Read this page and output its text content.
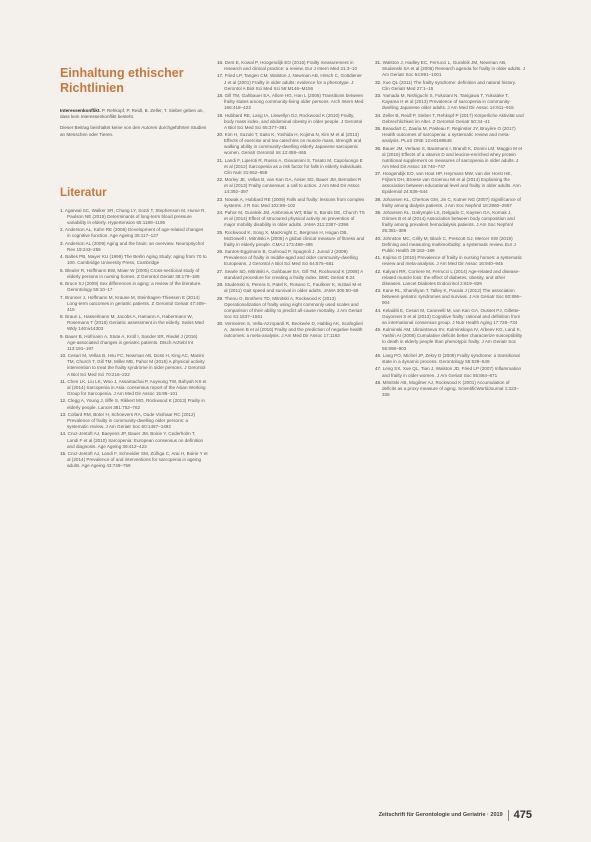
Einhaltung ethischer Richtlinien

Interessenkonflikt. P. Rehkopf, P. Reidl, B. Zeller, T. Sieber geben an, dass kein Interessenkonflikt besteht.

Dieser Beitrag beinhaltet keine von den Autoren durchgeführten Studien an Menschen oder Tieren.

Literatur
1. Agarwal SC, Walker SR, Chang LY, Sozzi T, Stephenson M, Hume R, Paulson NE (2015) Determinants of long-term blood pressure variability in elderly. Hypertension 65:1188–1195
2. Anderson AL, Kahn RE (2006) Development of age-related changes in cognitive function. Age Ageing 35:117–127
3. Anderson AL (2009) Aging and the brain: an overview. Neuropsychol Rev 19:243–256
4. Baltes PB, Mayer KU (1999) The Berlin Aging Study: aging from 70 to 100. Cambridge University Press, Cambridge
5. Bleuler R, Hoffmann BW, Maier W (2005) Cross-sectional study of elderly persons in nursing homes. Z Gerontol Geriatr 38:179–186
6. Bruce SJ (2009) Sex differences in aging: a review of the literature. Gerontology 55:10–17
7. Brunner J, Hoffmann M, Krause M, Steinhagen-Thiessen E (2014) Long-term outcomes in geriatric patients. Z Gerontol Geriatr 47:409–415
8. Braun L, Hasselmann M, Jacobs A, Hamann A, Habermann W, Rosemann T (2016) Geriatric assessment in the elderly. Swiss Med Wkly 146:w14303
9. Bauer B, Hofmann A, Stute A, Kroll I, Sander SR, Riedel J (2016) Age-associated changes in geriatric patients. Dtsch Arztebl Int 113:191–197
10. Cesari M, Vellas B, Hsu FC, Newman AB, Doss H, King AC, Manini TM, Church T, Gill TM, Miller ME, Pahor M (2015) A physical activity intervention to treat the frailty syndrome in older persons. J Gerontol A Biol Sci Med Sci 70:216–222
11. Chen LK, Liu LK, Woo J, Assantachai P, Auyeung TW, Bahyah KS et al (2014) Sarcopenia in Asia: consensus report of the Asian Working Group for Sarcopenia. J Am Med Dir Assoc 15:95–101
12. Clegg A, Young J, Iliffe S, Rikkert MO, Rockwood K (2013) Frailty in elderly people. Lancet 381:752–762
13. Collard RM, Boter H, Schoevers RA, Oude Voshaar RC (2012) Prevalence of frailty in community-dwelling older persons: a systematic review. J Am Geriatr Soc 60:1487–1492
14. Cruz-Jentoft AJ, Baeyens JP, Bauer JM, Boirie Y, Cederholm T, Landi F et al (2010) Sarcopenia: European consensus on definition and diagnosis. Age Ageing 39:412–423
15. Cruz-Jentoft AJ, Landi F, Schneider SM, Zúñiga C, Arai H, Boirie Y et al (2014) Prevalence of and interventions for sarcopenia in ageing adults. Age Ageing 43:748–759
16. Dent E, Kowal P, Hoogendijk EO (2016) Frailty measurement in research and clinical practice: a review. Eur J Intern Med 31:3–10
17. Fried LP, Tangen CM, Walston J, Newman AB, Hirsch C, Gottdiener J et al (2001) Frailty in older adults: evidence for a phenotype. J Gerontol A Biol Sci Med Sci 56:M146–M156
18. Gill TM, Gahbauer EA, Allore HG, Han L (2006) Transitions between frailty states among community-living older persons. Arch Intern Med 166:418–423
19. Hubbard RE, Lang IA, Llewellyn DJ, Rockwood K (2010) Frailty, body mass index, and abdominal obesity in older people. J Gerontol A Biol Sci Med Sci 65:377–381
20. Kim H, Suzuki T, Saito K, Yoshida H, Kojima N, Kim M et al (2013) Effects of exercise and tea catechins on muscle mass, strength and walking ability in community-dwelling elderly Japanese sarcopenic women. Geriatr Gerontol Int 13:458–465
21. Landi F, Liperoti R, Russo A, Giovannini S, Tosato M, Capoluongo E et al (2012) Sarcopenia as a risk factor for falls in elderly individuals. Clin Nutr 31:652–658
22. Morley JE, Vellas B, van Kan GA, Anker SD, Bauer JM, Bernabei R et al (2013) Frailty consensus: a call to action. J Am Med Dir Assoc 14:392–397
23. Nowak A, Hubbard RE (2009) Falls and frailty: lessons from complex systems. J R Soc Med 102:98–102
24. Pahor M, Guralnik JM, Ambrosius WT, Blair S, Bonds DE, Church TS et al (2014) Effect of structured physical activity on prevention of major mobility disability in older adults. JAMA 311:2387–2396
25. Rockwood K, Song X, MacKnight C, Bergman H, Hogan DB, McDowell I, Mitnitski A (2005) A global clinical measure of fitness and frailty in elderly people. CMAJ 173:489–495
26. Santos-Eggimann B, Cuénoud P, Spagnoli J, Junod J (2009) Prevalence of frailty in middle-aged and older community-dwelling Europeans. J Gerontol A Biol Sci Med Sci 64:675–681
27. Searle SD, Mitnitski A, Gahbauer EA, Gill TM, Rockwood K (2008) A standard procedure for creating a frailty index. BMC Geriatr 8:24
28. Studenski S, Perera S, Patel K, Rosano C, Faulkner K, Inzitari M et al (2011) Gait speed and survival in older adults. JAMA 305:50–58
29. Theou O, Brothers TD, Mitnitski A, Rockwood K (2013) Operationalization of frailty using eight commonly used scales and comparison of their ability to predict all-cause mortality. J Am Geriatr Soc 61:1537–1551
30. Vermeiren S, Vella-Azzopardi R, Beckwée D, Habbig AK, Scafoglieri A, Jansen B et al (2016) Frailty and the prediction of negative health outcomes: a meta-analysis. J Am Med Dir Assoc 17:1163
31. Walston J, Hadley EC, Ferrucci L, Guralnik JM, Newman AB, Studenski SA et al (2006) Research agenda for frailty in older adults. J Am Geriatr Soc 54:991–1001
32. Xue QL (2011) The frailty syndrome: definition and natural history. Clin Geriatr Med 27:1–15
33. Yamada M, Nishiguchi S, Fukutani N, Tanigawa T, Yukutake T, Kayama H et al (2013) Prevalence of sarcopenia in community-dwelling Japanese older adults. J Am Med Dir Assoc 14:911–915
34. Zeller B, Reidl P, Sieber T, Rehkopf P (2017) Körperliche Aktivität und Gebrechlichkeit im Alter. Z Gerontol Geriatr 50:34–41
35. Beaudart C, Zaaria M, Pasleau F, Reginster JY, Bruyère O (2017) Health outcomes of sarcopenia: a systematic review and meta-analysis. PLoS ONE 12:e0169548
36. Bauer JM, Verlaan S, Bautmans I, Brandt K, Donini LM, Maggio M et al (2015) Effects of a vitamin D and leucine-enriched whey protein nutritional supplement on measures of sarcopenia in older adults. J Am Med Dir Assoc 16:740–747
37. Hoogendijk EO, van Hout HP, Heymans MW, van der Horst HE, Frijters DH, Broese van Groenou MI et al (2014) Explaining the association between educational level and frailty in older adults. Ann Epidemiol 24:538–544
38. Johansen KL, Chertow GM, Jin C, Kutner NG (2007) Significance of frailty among dialysis patients. J Am Soc Nephrol 18:2960–2967
39. Johansen KL, Dalrymple LS, Delgado C, Kaysen GA, Kornak J, Grimes B et al (2014) Association between body composition and frailty among prevalent hemodialysis patients. J Am Soc Nephrol 25:381–389
40. Johnston MC, Crilly M, Black C, Prescott GJ, Mercer SW (2019) Defining and measuring multimorbidity: a systematic review. Eur J Public Health 29:182–189
41. Kojima G (2015) Prevalence of frailty in nursing homes: a systematic review and meta-analysis. J Am Med Dir Assoc 16:940–945
42. Kalyani RR, Corriere M, Ferrucci L (2014) Age-related and disease-related muscle loss: the effect of diabetes, obesity, and other diseases. Lancet Diabetes Endocrinol 2:819–829
43. Kane RL, Shamliyan T, Talley K, Pacala J (2012) The association between geriatric syndromes and survival. J Am Geriatr Soc 60:896–904
44. Kelaiditi E, Cesari M, Canevelli M, van Kan GA, Ousset PJ, Gillette-Guyonnet S et al (2013) Cognitive frailty: rational and definition from an international consensus group. J Nutr Health Aging 17:726–734
45. Kulminski AM, Ukraintseva SV, Kulminskaya IV, Arbeev KG, Land K, Yashin AI (2008) Cumulative deficits better characterize susceptibility to death in elderly people than phenotypic frailty. J Am Geriatr Soc 56:898–903
46. Lang PO, Michel JP, Zekry D (2009) Frailty syndrome: a transitional state in a dynamic process. Gerontology 55:539–549
47. Leng SX, Xue QL, Tian J, Walston JD, Fried LP (2007) Inflammation and frailty in older women. J Am Geriatr Soc 55:864–871
48. Mitnitski AB, Mogilner AJ, Rockwood K (2001) Accumulation of deficits as a proxy measure of aging. ScientificWorldJournal 1:323–336
Zeitschrift für Gerontologie und Geriatrie · 2019 475
